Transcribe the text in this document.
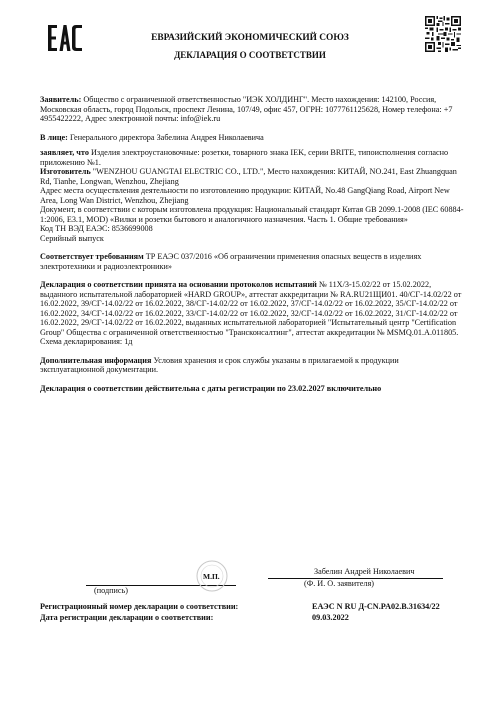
ЕВРАЗИЙСКИЙ ЭКОНОМИЧЕСКИЙ СОЮЗ
ДЕКЛАРАЦИЯ О СООТВЕТСТВИИ

Заявитель: Общество с ограниченной ответственностью "ИЭК ХОЛДИНГ". Место нахождения: 142100, Россия, Московская область, город Подольск, проспект Ленина, 107/49, офис 457, ОГРН: 1077761125628, Номер телефона: +7 4955422222, Адрес электронной почты: info@iek.ru

В лице: Генерального директора Забелина Андрея Николаевича

заявляет, что Изделия электроустановочные: розетки, товарного знака IEK, серии BRITE, типоисполнения согласно приложению №1.

Изготовитель "WENZHOU GUANGTAI ELECTRIC CO., LTD.", Место нахождения: КИТАЙ, NO.241, East Zhuangquan Rd, Tianhe, Longwan, Wenzhou, Zhejiang

Адрес места осуществления деятельности по изготовлению продукции: КИТАЙ, No.48 GangQiang Road, Airport New Area, Long Wan District, Wenzhou, Zhejiang

Документ, в соответствии с которым изготовлена продукция: Национальный стандарт Китая GB 2099.1-2008 (IEC 60884-1:2006, E3.1, MOD) «Вилки и розетки бытового и аналогичного назначения. Часть 1. Общие требования»

Код ТН ВЭД ЕАЭС: 8536699008

Серийный выпуск

Соответствует требованиям ТР ЕАЭС 037/2016 «Об ограничении применения опасных веществ в изделиях электротехники и радиоэлектроники»

Декларация о соответствии принята на основании протоколов испытаний № 11Х/3-15.02/22 от 15.02.2022, выданного испытательной лабораторией «HARD GROUP», аттестат аккредитации № RA.RU21ЩИ01. 40/СГ-14.02/22 от 16.02.2022, 39/СГ-14.02/22 от 16.02.2022, 38/СГ-14.02/22 от 16.02.2022, 37/СГ-14.02/22 от 16.02.2022, 35/СГ-14.02/22 от 16.02.2022, 34/СГ-14.02/22 от 16.02.2022, 33/СГ-14.02/22 от 16.02.2022, 32/СГ-14.02/22 от 16.02.2022, 31/СГ-14.02/22 от 16.02.2022, 29/СГ-14.02/22 от 16.02.2022, выданных испытательной лабораторией "Испытательный центр "Certification Group" Общества с ограниченной ответственностью "Трансконсалтинг", аттестат аккредитации № MSMQ.01.A.011805.

Схема декларирования: 1д

Дополнительная информация Условия хранения и срок службы указаны в прилагаемой к продукции эксплуатационной документации.

Декларация о соответствии действительна с даты регистрации по 23.02.2027 включительно

Забелин Андрей Николаевич
(подпись)
(Ф. И. О. заявителя)
М.П.
Регистрационный номер декларации о соответствии:	ЕАЭС N RU Д-CN.PA02.B.31634/22
Дата регистрации декларации о соответствии:	09.03.2022
